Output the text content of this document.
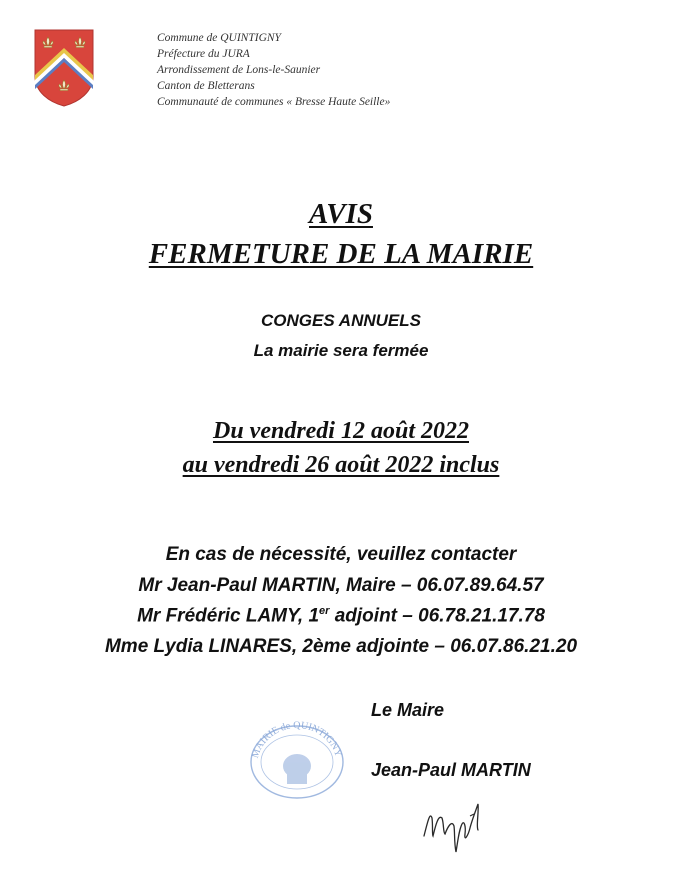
Commune de QUINTIGNY
Préfecture du JURA
Arrondissement de Lons-le-Saunier
Canton de Bletterans
Communauté de communes « Bresse Haute Seille»
AVIS
FERMETURE DE LA MAIRIE
CONGES ANNUELS
La mairie sera fermée
Du vendredi 12 août 2022
au vendredi 26 août 2022 inclus
En cas de nécessité, veuillez contacter
Mr Jean-Paul MARTIN, Maire – 06.07.89.64.57
Mr Frédéric LAMY, 1er adjoint – 06.78.21.17.78
Mme Lydia LINARES, 2ème adjointe – 06.07.86.21.20
Le Maire
MAIRIE de QUINTIGNY
Jean-Paul MARTIN
